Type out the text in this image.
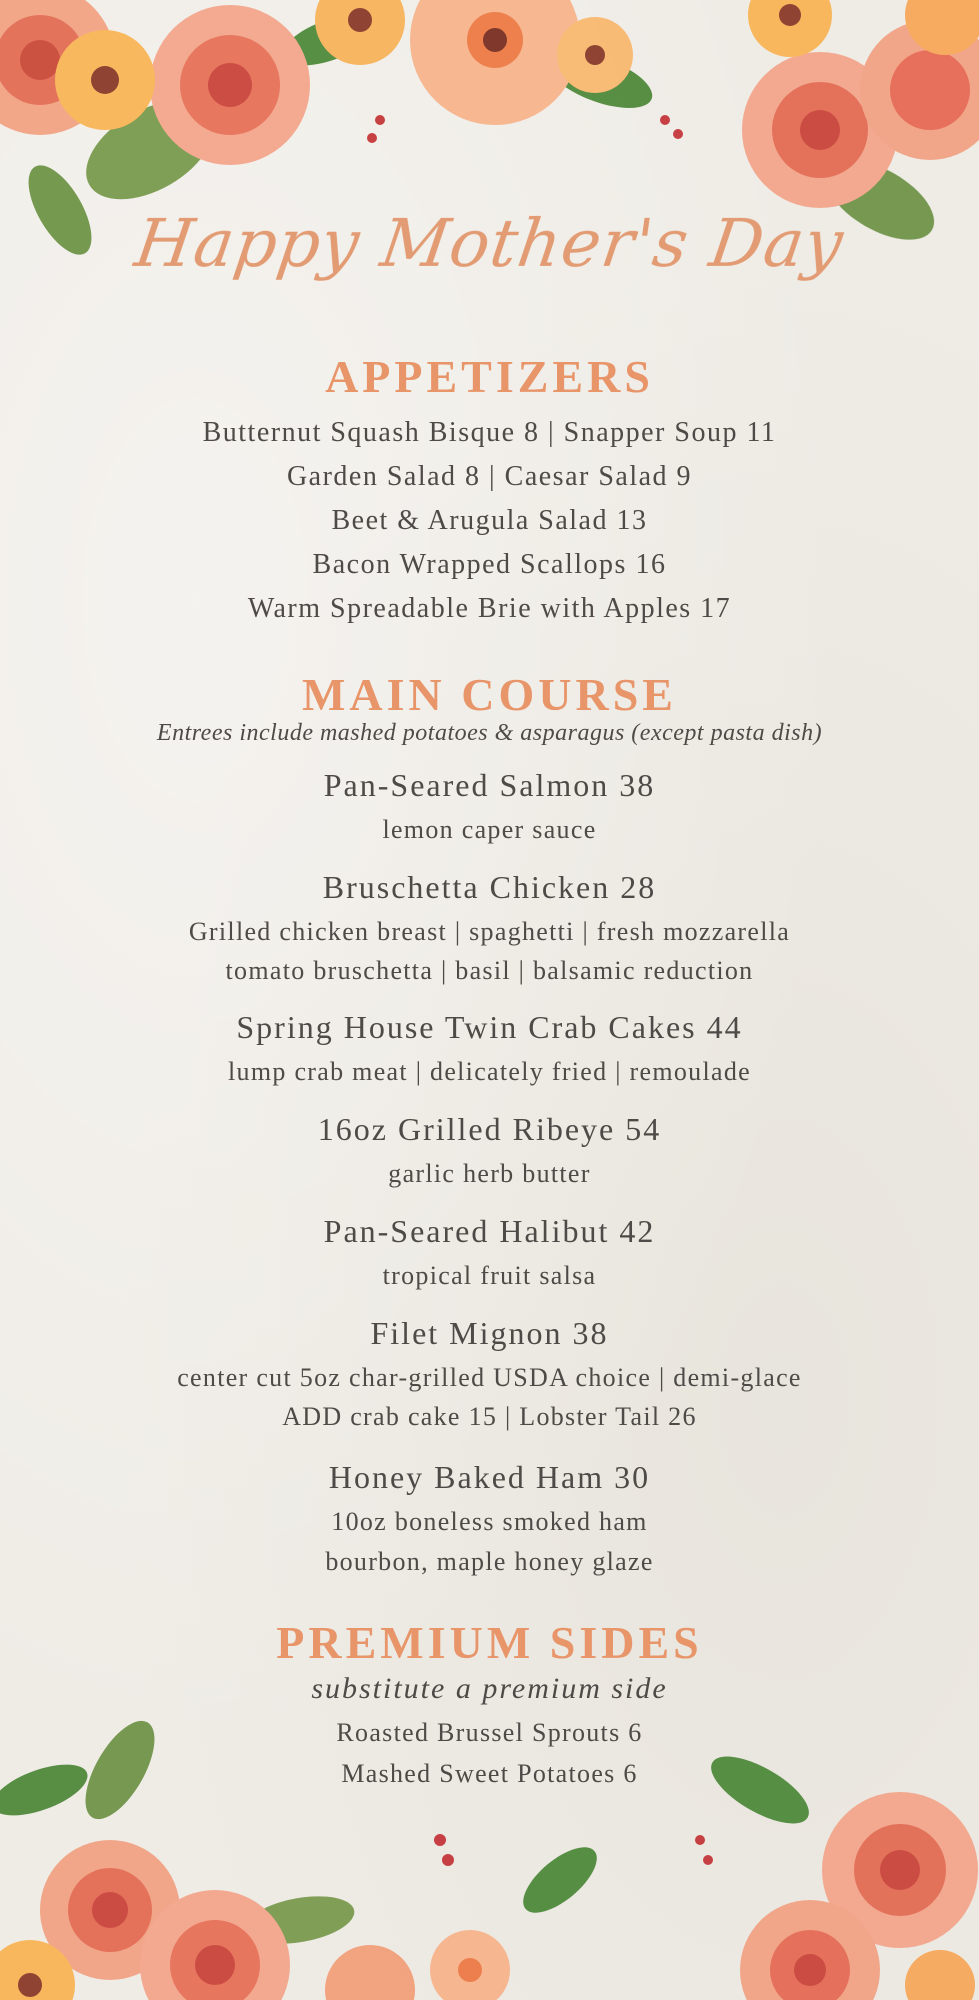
Happy Mother's Day
APPETIZERS
Butternut Squash Bisque 8 | Snapper Soup 11
Garden Salad 8 | Caesar Salad 9
Beet & Arugula Salad 13
Bacon Wrapped Scallops 16
Warm Spreadable Brie with Apples 17
MAIN COURSE
Entrees include mashed potatoes & asparagus (except pasta dish)
Pan-Seared Salmon 38
lemon caper sauce
Bruschetta Chicken 28
Grilled chicken breast | spaghetti | fresh mozzarella
tomato bruschetta | basil | balsamic reduction
Spring House Twin Crab Cakes 44
lump crab meat | delicately fried | remoulade
16oz Grilled Ribeye 54
garlic herb butter
Pan-Seared Halibut 42
tropical fruit salsa
Filet Mignon 38
center cut 5oz char-grilled USDA choice | demi-glace
ADD crab cake 15 | Lobster Tail 26
Honey Baked Ham 30
10oz boneless smoked ham
bourbon, maple honey glaze
PREMIUM SIDES
substitute a premium side
Roasted Brussel Sprouts 6
Mashed Sweet Potatoes 6
